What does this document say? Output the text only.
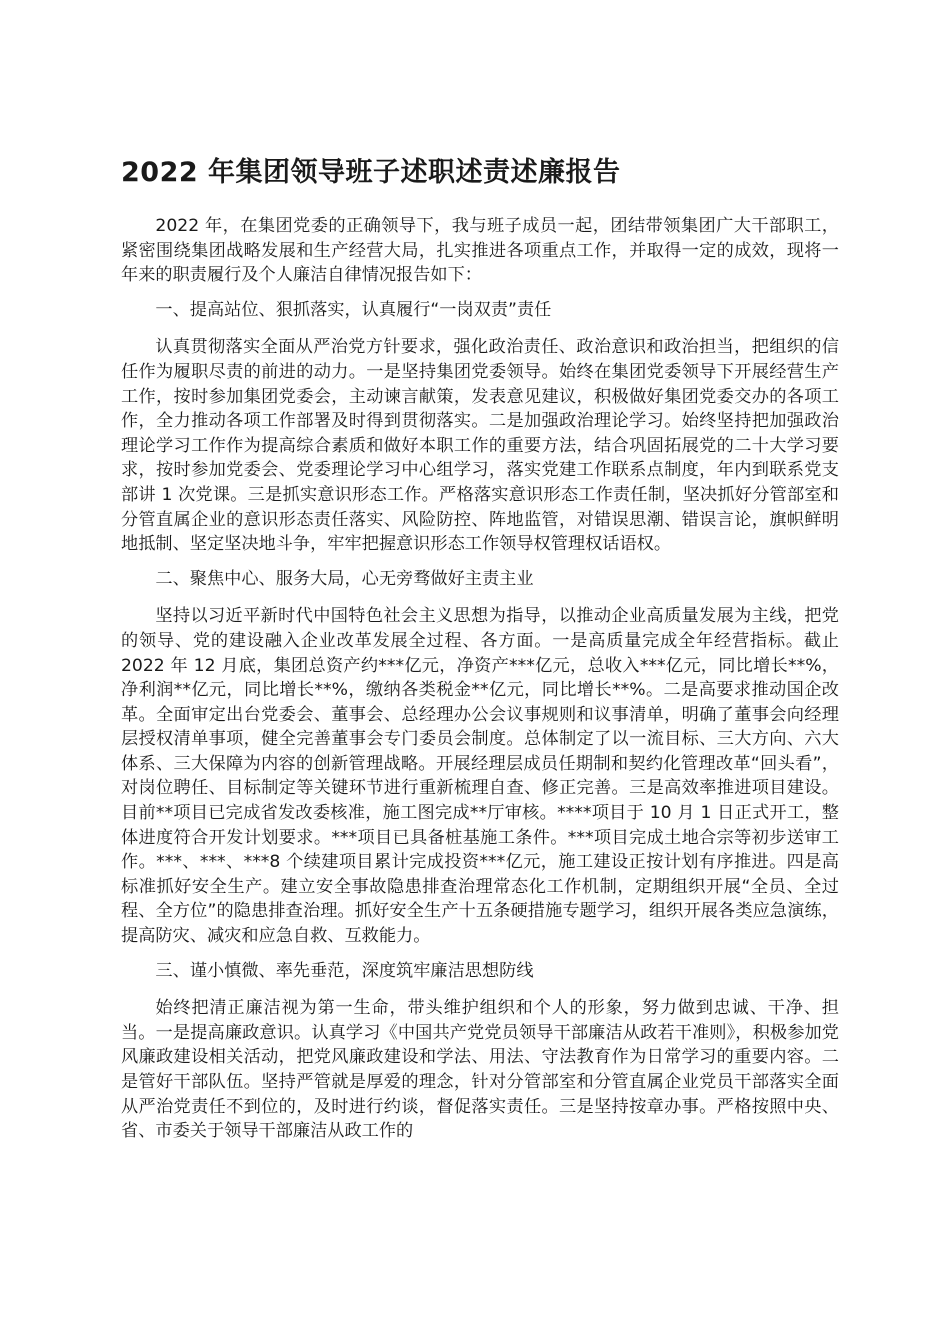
2022 年集团领导班子述职述责述廉报告

2022 年，在集团党委的正确领导下，我与班子成员一起，团结带领集团广大干部职工，紧密围绕集团战略发展和生产经营大局，扎实推进各项重点工作，并取得一定的成效，现将一年来的职责履行及个人廉洁自律情况报告如下：

一、提高站位、狠抓落实，认真履行“一岗双责”责任

认真贯彻落实全面从严治党方针要求，强化政治责任、政治意识和政治担当，把组织的信任作为履职尽责的前进的动力。一是坚持集团党委领导。始终在集团党委领导下开展经营生产工作，按时参加集团党委会，主动谏言献策，发表意见建议，积极做好集团党委交办的各项工作，全力推动各项工作部署及时得到贯彻落实。二是加强政治理论学习。始终坚持把加强政治理论学习工作作为提高综合素质和做好本职工作的重要方法，结合巩固拓展党的二十大学习要求，按时参加党委会、党委理论学习中心组学习，落实党建工作联系点制度，年内到联系党支部讲 1 次党课。三是抓实意识形态工作。严格落实意识形态工作责任制，坚决抓好分管部室和分管直属企业的意识形态责任落实、风险防控、阵地监管，对错误思潮、错误言论，旗帜鲜明地抵制、坚定坚决地斗争，牢牢把握意识形态工作领导权管理权话语权。

二、聚焦中心、服务大局，心无旁骛做好主责主业

坚持以习近平新时代中国特色社会主义思想为指导，以推动企业高质量发展为主线，把党的领导、党的建设融入企业改革发展全过程、各方面。一是高质量完成全年经营指标。截止 2022 年 12 月底，集团总资产约***亿元，净资产***亿元，总收入***亿元，同比增长**%，净利润**亿元，同比增长**%，缴纳各类税金**亿元，同比增长**%。二是高要求推动国企改革。全面审定出台党委会、董事会、总经理办公会议事规则和议事清单，明确了董事会向经理层授权清单事项，健全完善董事会专门委员会制度。总体制定了以一流目标、三大方向、六大体系、三大保障为内容的创新管理战略。开展经理层成员任期制和契约化管理改革“回头看”，对岗位聘任、目标制定等关键环节进行重新梳理自查、修正完善。三是高效率推进项目建设。目前**项目已完成省发改委核准，施工图完成**厅审核。****项目于 10 月 1 日正式开工，整体进度符合开发计划要求。***项目已具备桩基施工条件。***项目完成土地合宗等初步送审工作。***、***、***8 个续建项目累计完成投资***亿元，施工建设正按计划有序推进。四是高标准抓好安全生产。建立安全事故隐患排查治理常态化工作机制，定期组织开展“全员、全过程、全方位”的隐患排查治理。抓好安全生产十五条硬措施专题学习，组织开展各类应急演练，提高防灾、减灾和应急自救、互救能力。

三、谨小慎微、率先垂范，深度筑牢廉洁思想防线

始终把清正廉洁视为第一生命，带头维护组织和个人的形象，努力做到忠诚、干净、担当。一是提高廉政意识。认真学习《中国共产党党员领导干部廉洁从政若干准则》，积极参加党风廉政建设相关活动，把党风廉政建设和学法、用法、守法教育作为日常学习的重要内容。二是管好干部队伍。坚持严管就是厚爱的理念，针对分管部室和分管直属企业党员干部落实全面从严治党责任不到位的，及时进行约谈，督促落实责任。三是坚持按章办事。严格按照中央、省、市委关于领导干部廉洁从政工作的
